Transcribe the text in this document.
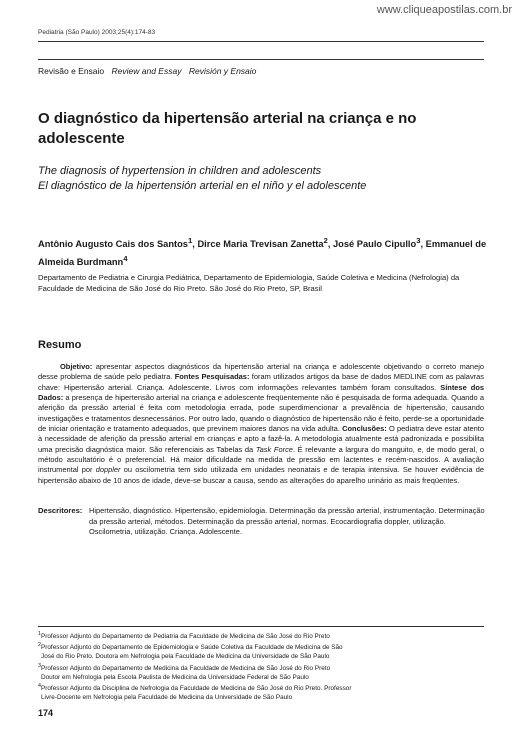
www.cliqueapostilas.com.br
Pediatria (São Paulo) 2003;25(4):174-83
Revisão e Ensaio Review and Essay Revisión y Ensaio
O diagnóstico da hipertensão arterial na criança e no adolescente

The diagnosis of hypertension in children and adolescents

El diagnóstico de la hipertensión arterial en el niño y el adolescente

Antônio Augusto Cais dos Santos$^1$, Dirce Maria Trevisan Zanetta$^2$, José Paulo Cipullo$^3$, Emmanuel de Almeida Burdmann$^4$

Departamento de Pediatria e Cirurgia Pediátrica, Departamento de Epidemiologia, Saúde Coletiva e Medicina (Nefrologia) da Faculdade de Medicina de São José do Rio Preto. São José do Rio Preto, SP, Brasil

Resumo

Objetivo: apresentar aspectos diagnósticos da hipertensão arterial na criança e adolescente objetivando o correto manejo desse problema de saúde pelo pediatra. Fontes Pesquisadas: foram utilizados artigos da base de dados MEDLINE com as palavras chave: Hipertensão arterial. Criança. Adolescente. Livros com informações relevantes também foram consultados. Síntese dos Dados: a presença de hipertensão arterial na criança e adolescente freqüentemente não é pesquisada de forma adequada. Quando a aferição da pressão arterial é feita com metodologia errada, pode superdimencionar a prevalência de hipertensão, causando investigações e tratamentos desnecessários. Por outro lado, quando o diagnóstico de hipertensão não é feito, perde-se a oportunidade de iniciar orientação e tratamento adequados, que previnem maiores danos na vida adulta. Conclusões: O pediatra deve estar atento à necessidade de aferição da pressão arterial em crianças e apto a fazê-la. A metodologia atualmente está padronizada e possibilita uma precisão diagnóstica maior. São referenciais as Tabelas da Task Force. É relevante a largura do manguito, e, de modo geral, o método ascultatório é o preferencial. Há maior dificuldade na medida de pressão em lactentes e recém-nascidos. A avaliação instrumental por doppler ou oscilometria tem sido utilizada em unidades neonatais e de terapia intensiva. Se houver evidência de hipertensão abaixo de 10 anos de idade, deve-se buscar a causa, sendo as alterações do aparelho urinário as mais freqüentes.

Descritores: Hipertensão, diagnóstico. Hipertensão, epidemiologia. Determinação da pressão arterial, instrumentação. Determinação da pressão arterial, métodos. Determinação da pressão arterial, normas. Ecocardiografia doppler, utilização. Oscilometria, utilização. Criança. Adolescente.

$^1$Professor Adjunto do Departamento de Pediatria da Faculdade de Medicina de São José do Rio Preto
$^2$Professor Adjunto do Departamento de Epidemiologia e Saúde Coletiva da Faculdade de Medicina de São
José do Rio Preto. Doutora em Nefrologia pela Faculdade de Medicina da Universidade de São Paulo
$^3$Professor Adjunto do Departamento de Medicina da Faculdade de Medicina de São José do Rio Preto
Doutor em Nefrologia pela Escola Paulista de Medicina da Universidade Federal de São Paulo
$^4$Professor Adjunto da Disciplina de Nefrologia da Faculdade de Medicina de São José do Rio Preto. Professor
Livre-Docente em Nefrologia pela Faculdade de Medicina da Universidade de São Paulo
174
